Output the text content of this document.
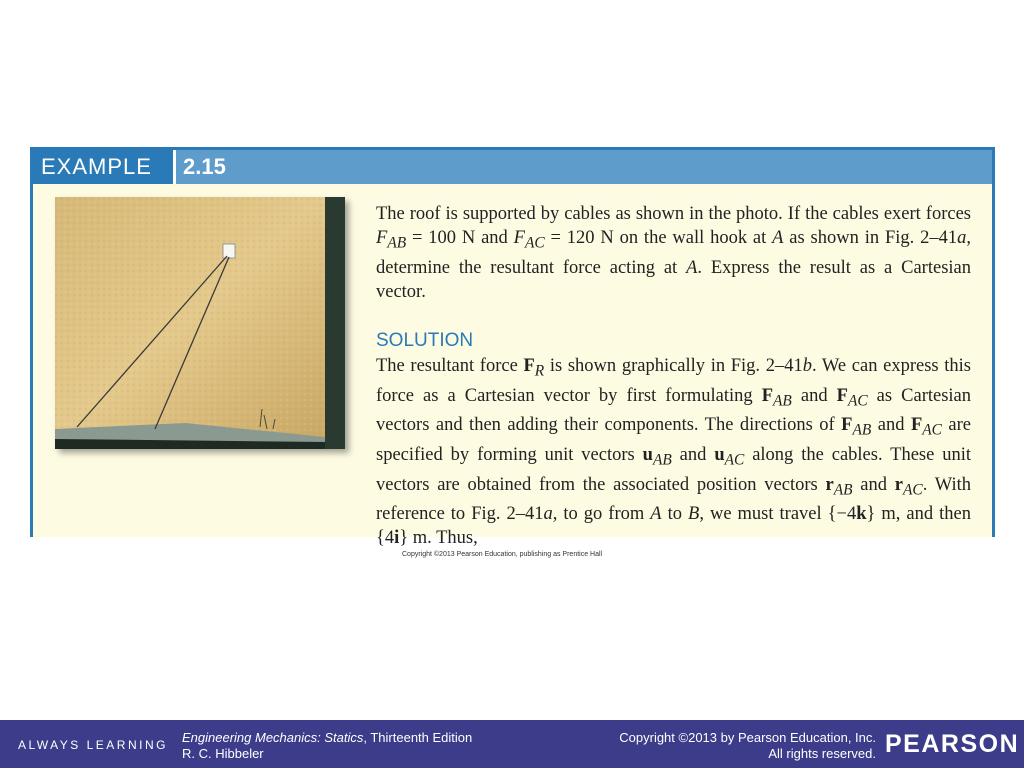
EXAMPLE	2.15
The roof is supported by cables as shown in the photo. If the cables exert forces $F_{AB} = 100$ N and $F_{AC} = 120$ N on the wall hook at A as shown in Fig. 2–41a, determine the resultant force acting at A. Express the result as a Cartesian vector.
SOLUTION
The resultant force $F_R$ is shown graphically in Fig. 2–41b. We can express this force as a Cartesian vector by first formulating $F_{AB}$ and $F_{AC}$ as Cartesian vectors and then adding their components. The directions of $F_{AB}$ and $F_{AC}$ are specified by forming unit vectors $u_{AB}$ and $u_{AC}$ along the cables. These unit vectors are obtained from the associated position vectors $r_{AB}$ and $r_{AC}$. With reference to Fig. 2–41a, to go from A to B, we must travel {−4k} m, and then {4i} m. Thus,
Copyright ©2013 Pearson Education, publishing as Prentice Hall
ALWAYS LEARNING Engineering Mechanics: Statics, Thirteenth Edition
R. C. Hibbeler
Copyright ©2013 by Pearson Education, Inc.
All rights reserved. PEARSON
